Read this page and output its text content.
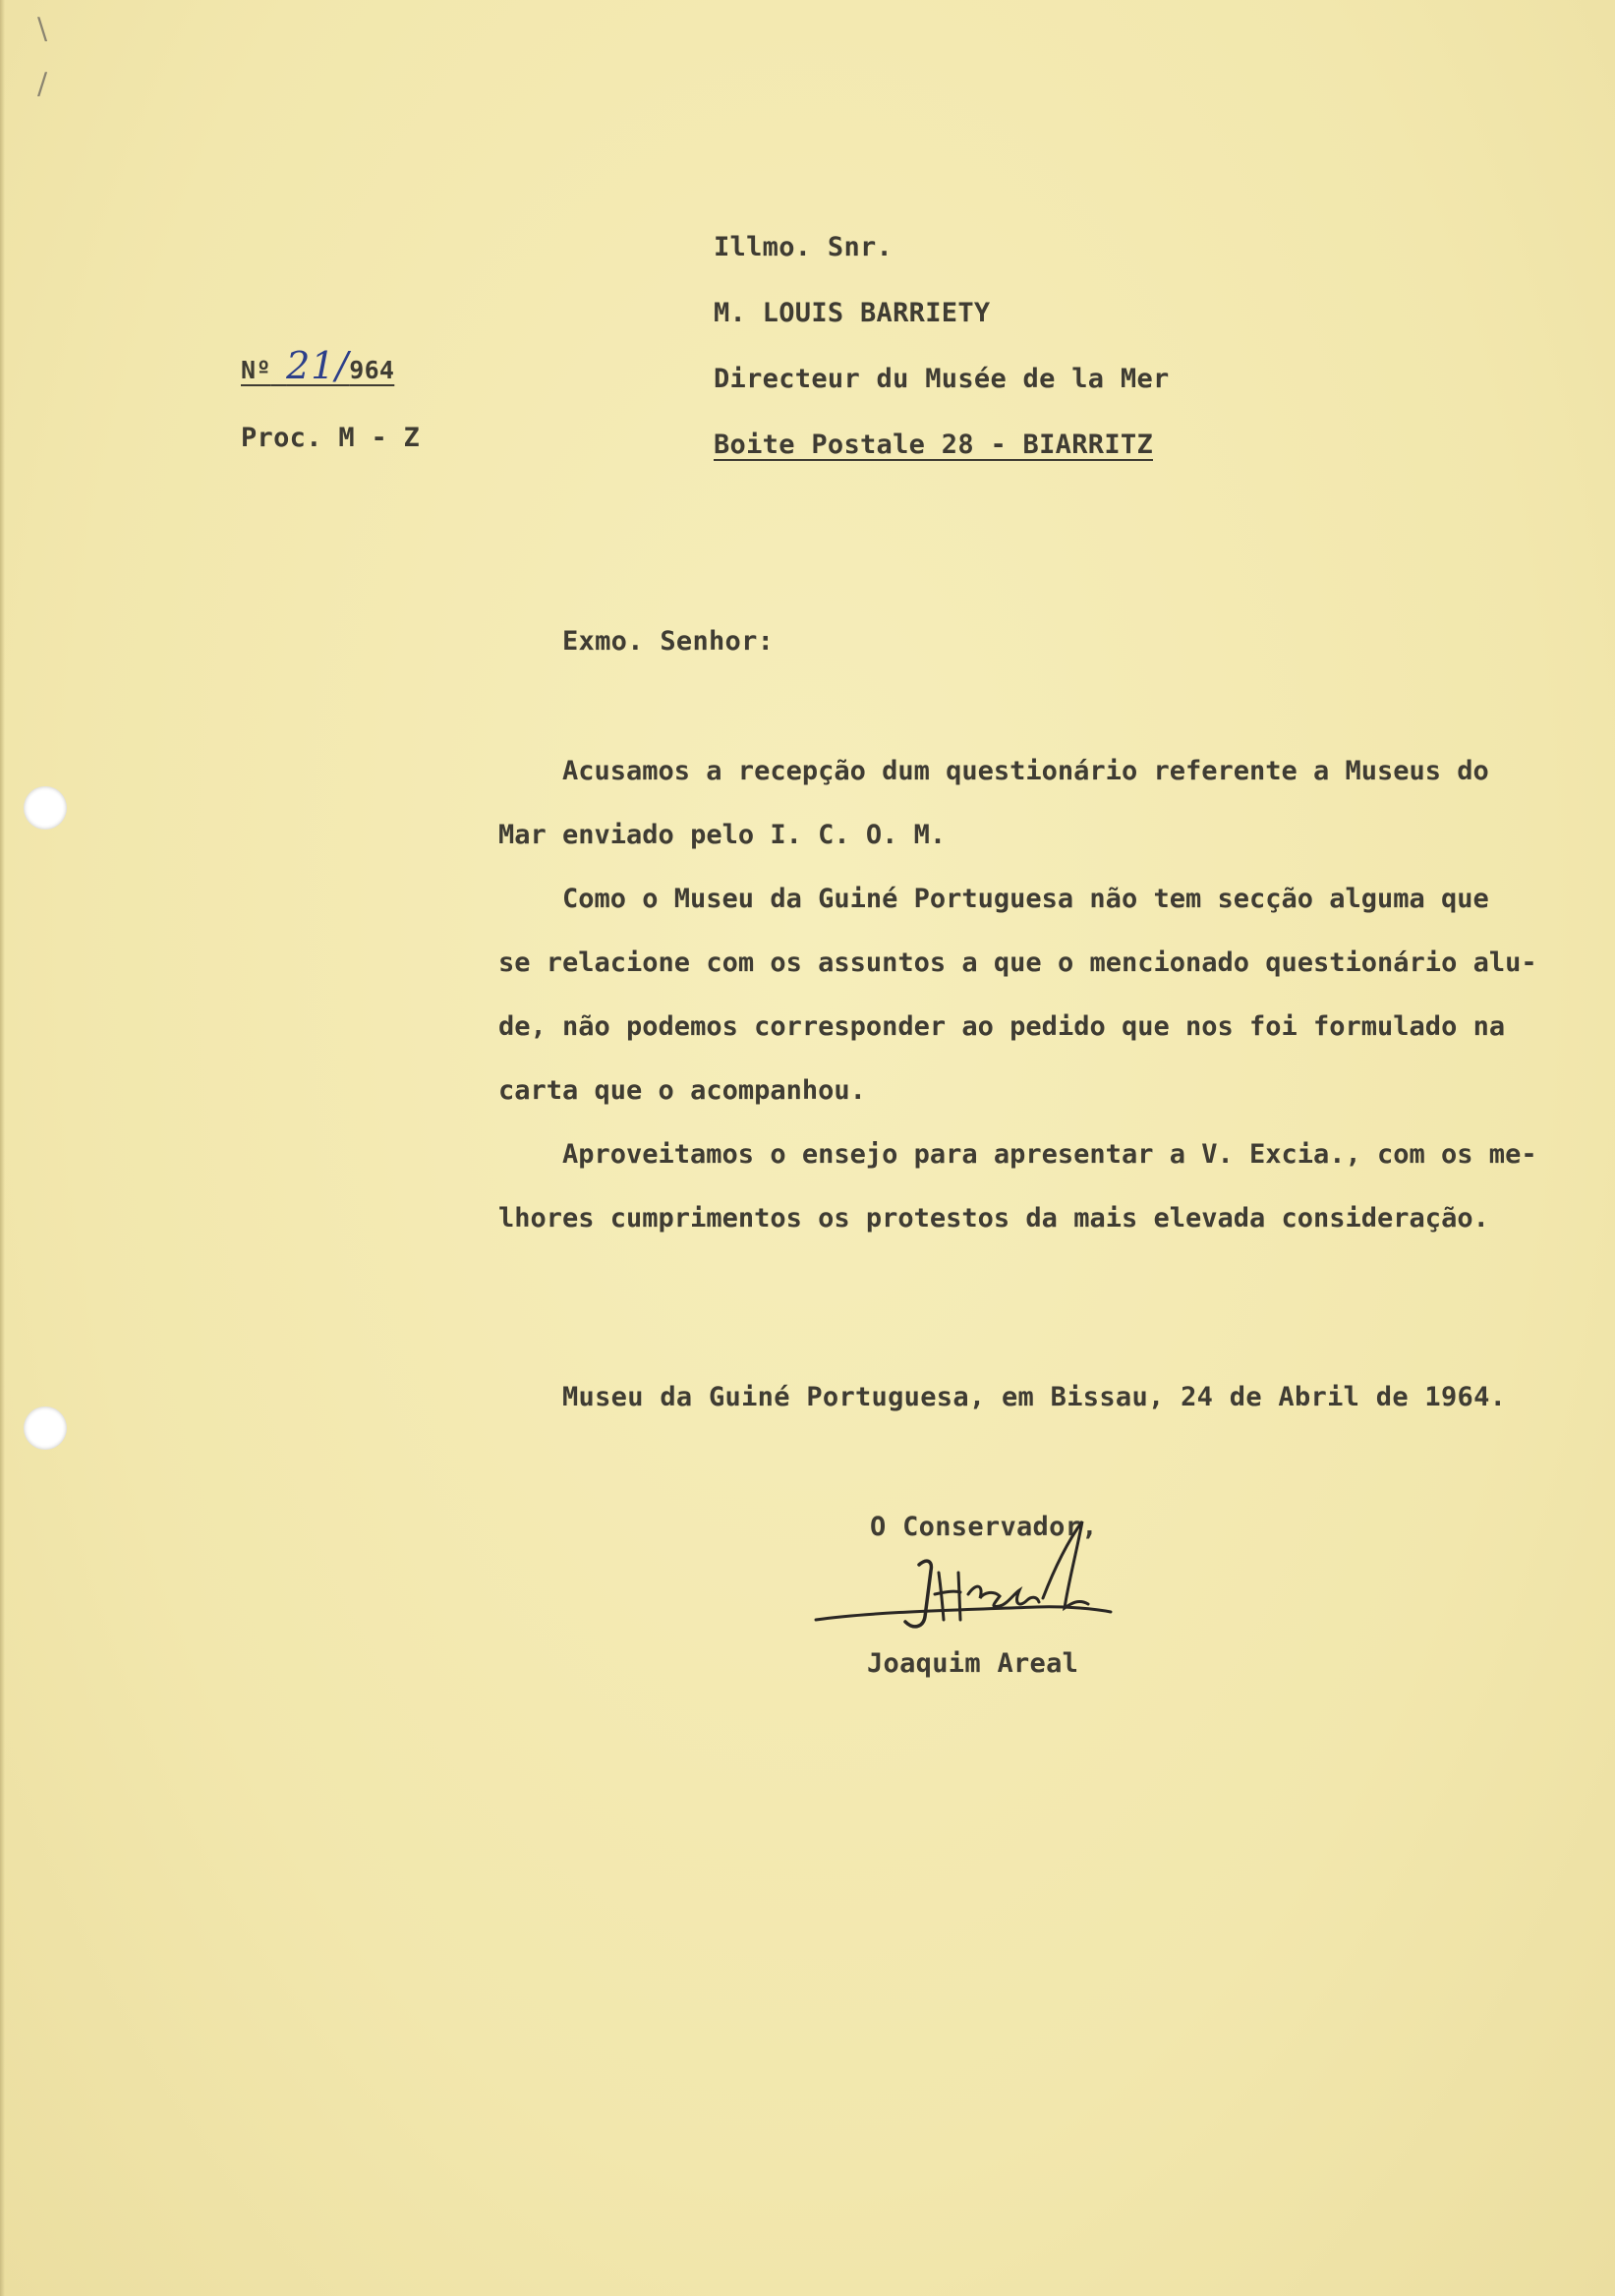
\
/
Nº 21/964
Proc. M - Z
Illmo. Snr.
M. LOUIS BARRIETY
Directeur du Musée de la Mer
Boite Postale 28 - BIARRITZ
Exmo. Senhor:

Acusamos a recepção dum questionário referente a Museus do

Mar enviado pelo I. C. O. M.

Como o Museu da Guiné Portuguesa não tem secção alguma que

se relacione com os assuntos a que o mencionado questionário alu-

de, não podemos corresponder ao pedido que nos foi formulado na

carta que o acompanhou.

Aproveitamos o ensejo para apresentar a V. Excia., com os me-

lhores cumprimentos os protestos da mais elevada consideração.

Museu da Guiné Portuguesa, em Bissau, 24 de Abril de 1964.
O Conservador,
Joaquim Areal
